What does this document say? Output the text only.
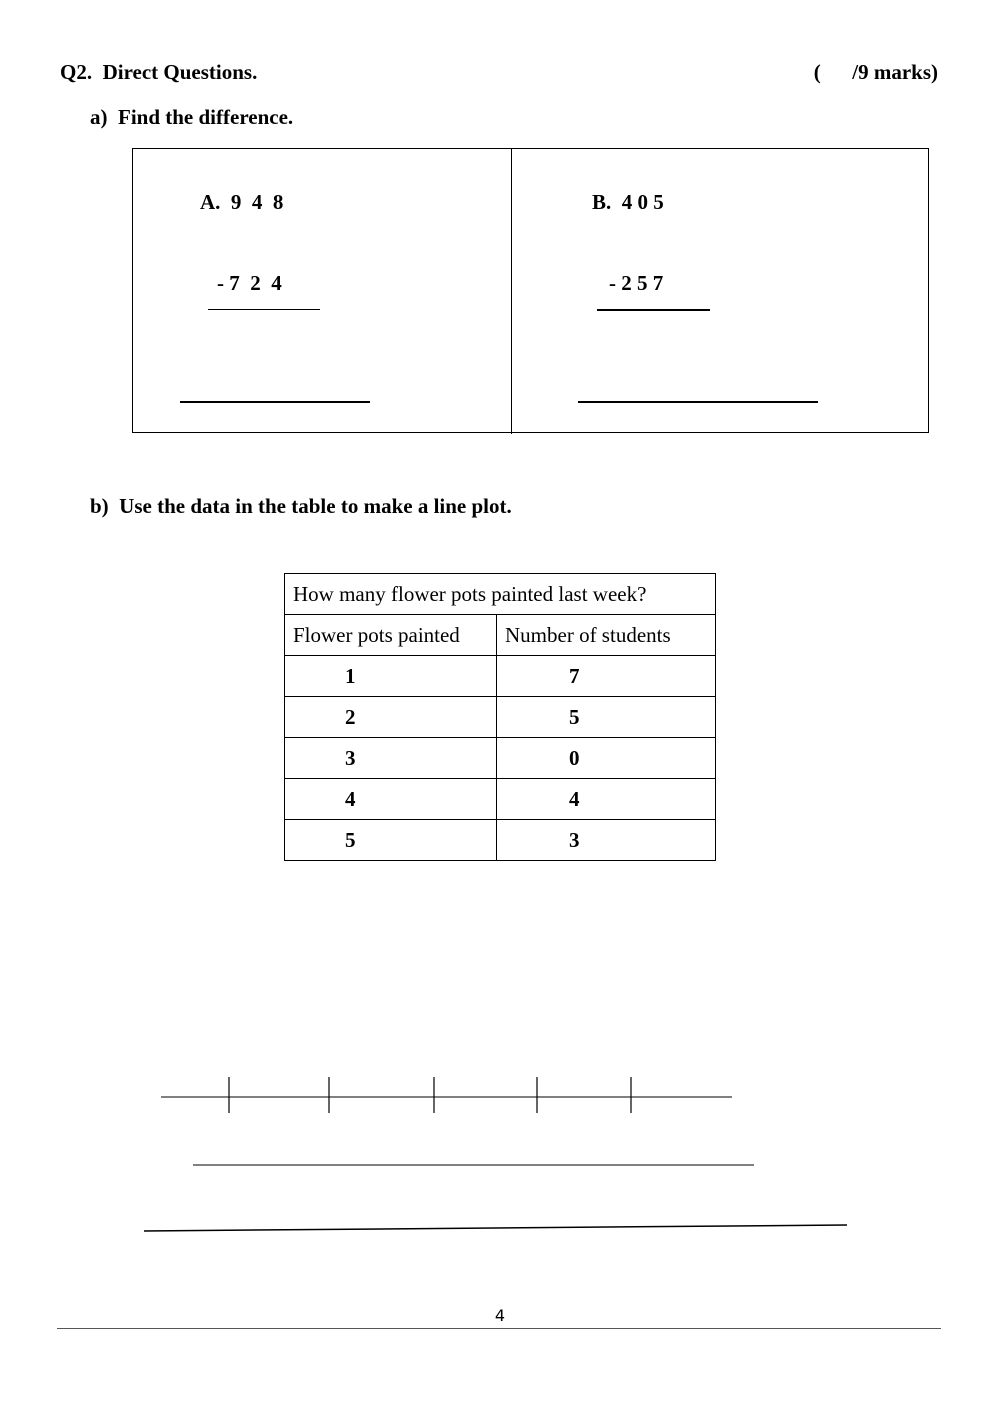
Q2.  Direct Questions.	(      /9 marks)
a)  Find the difference.
A.  9  4  8
- 7  2  4
B.  4 0 5
- 2 5 7
b)  Use the data in the table to make a line plot.
How many flower pots painted last week?	
Flower pots painted	Number of students
1	7
2	5
3	0
4	4
5	3
4
